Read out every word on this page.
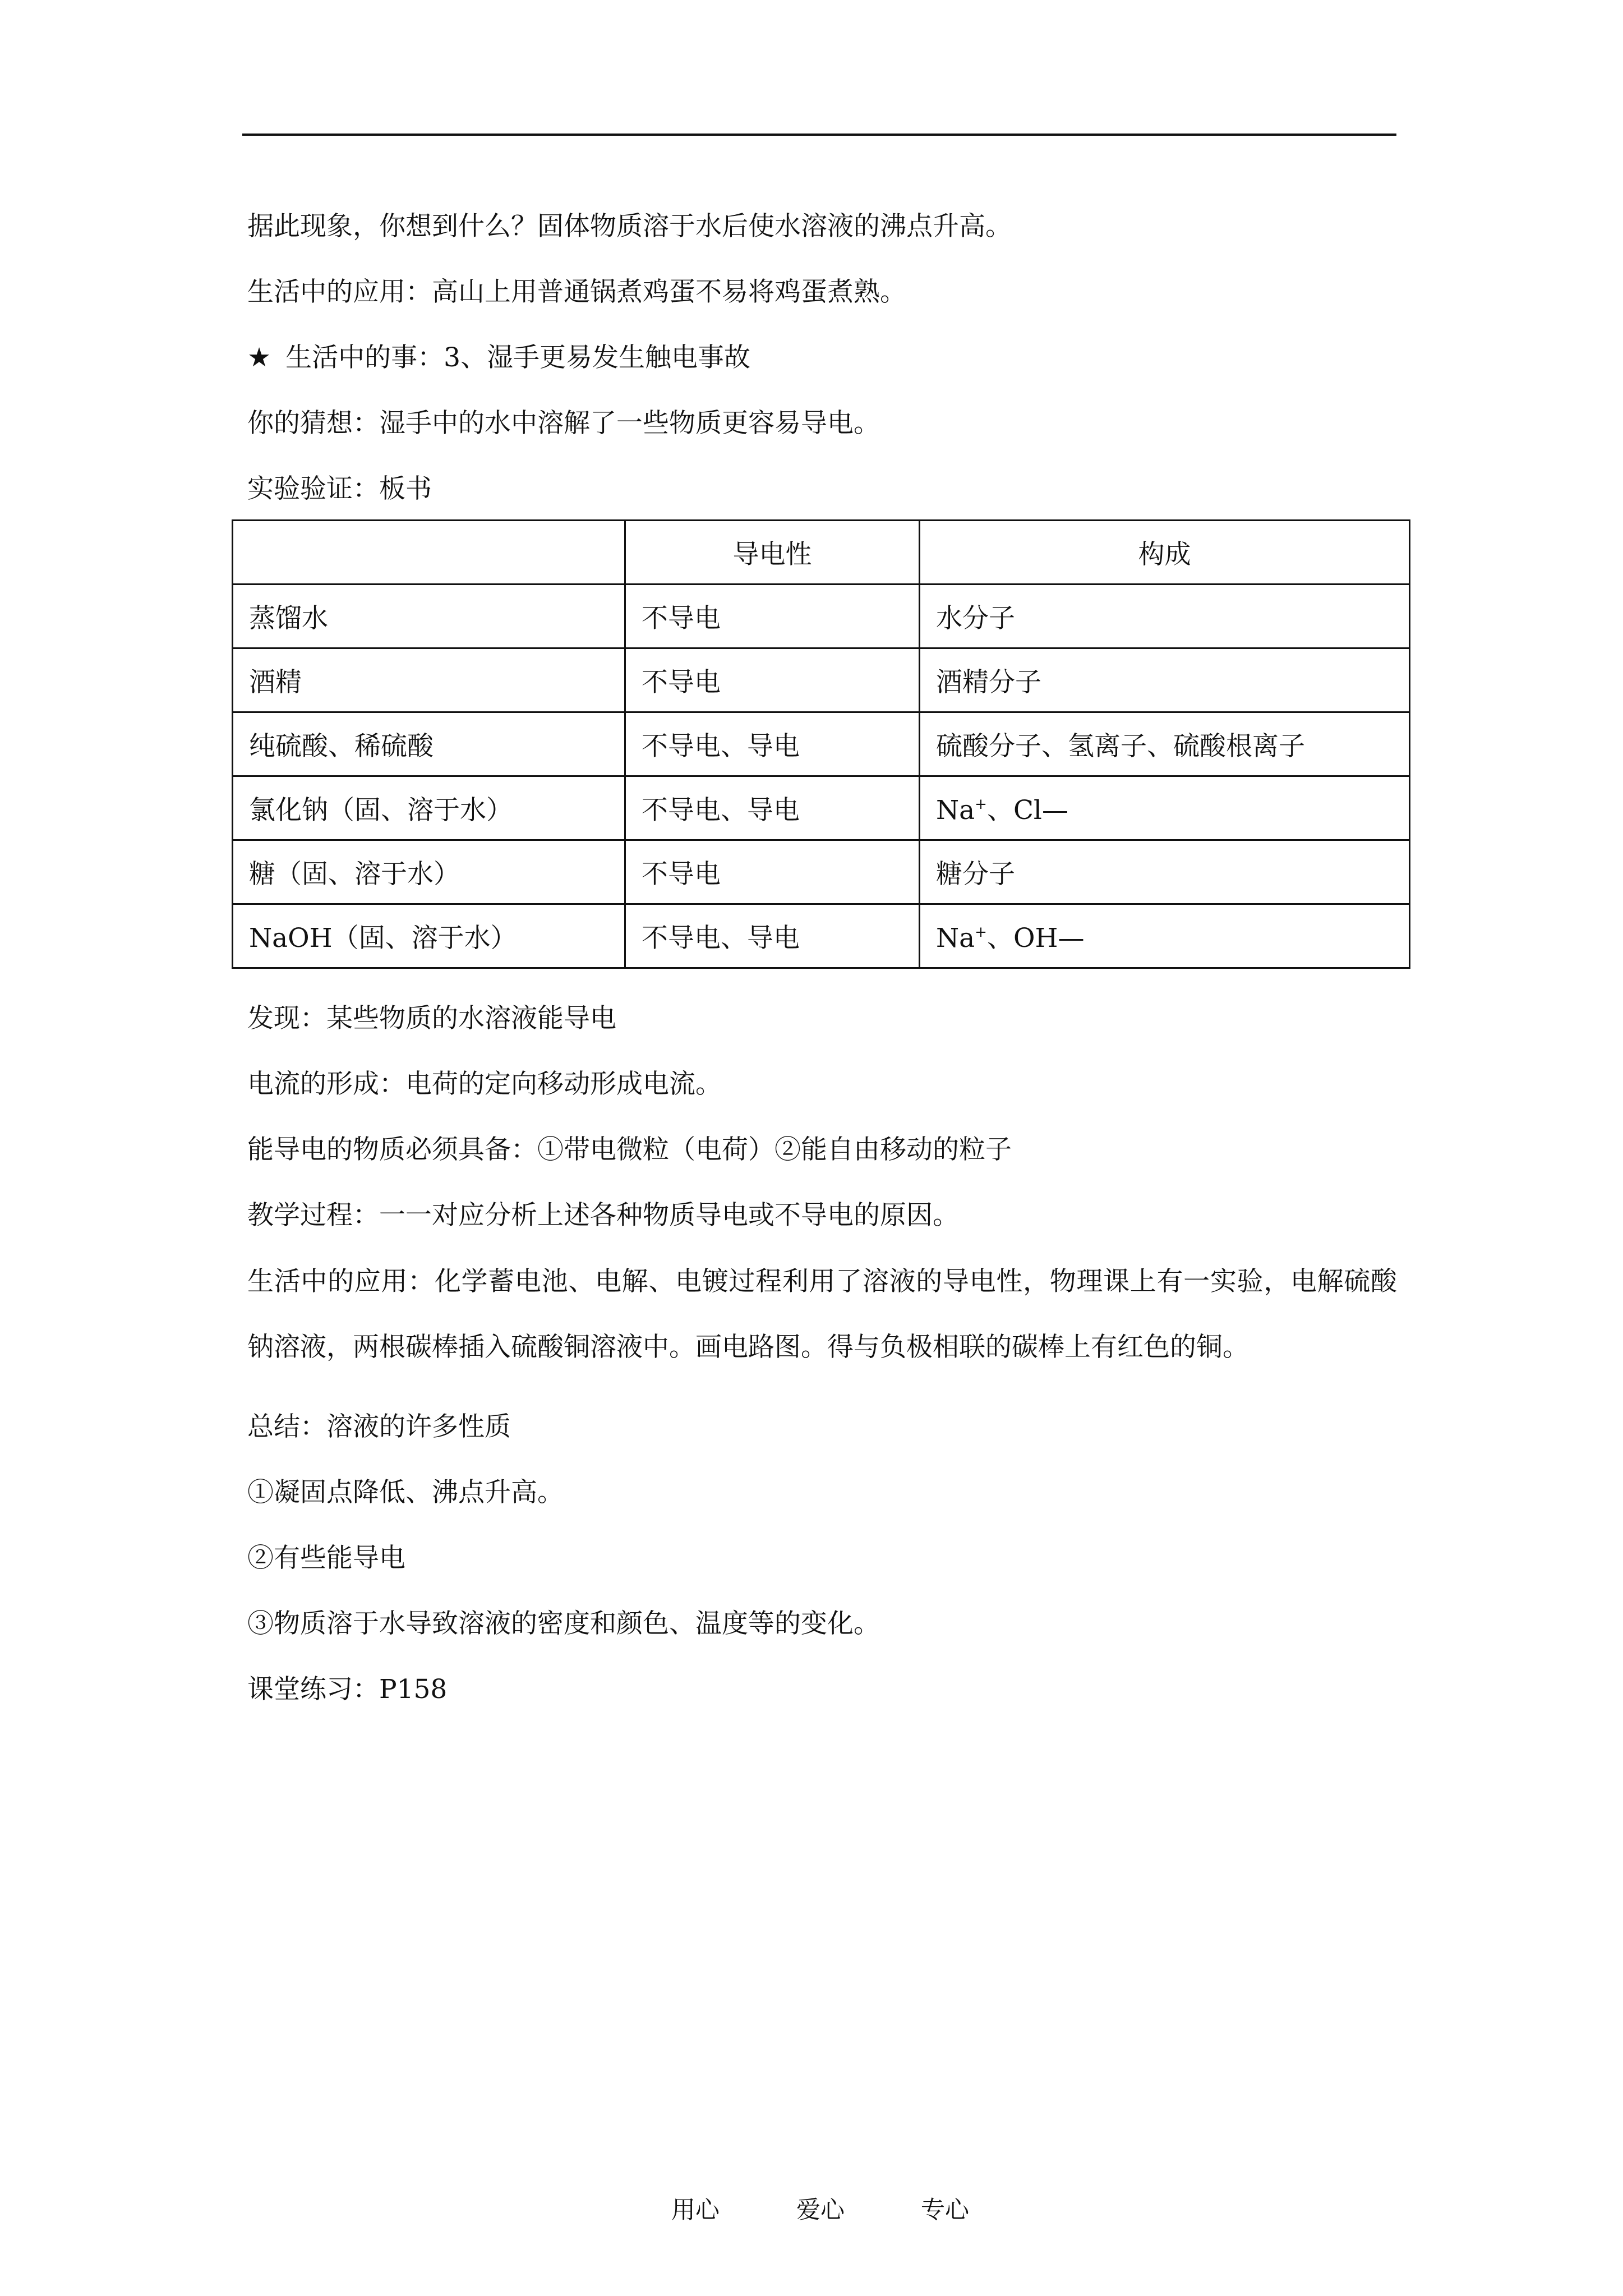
据此现象，你想到什么？固体物质溶于水后使水溶液的沸点升高。

生活中的应用：高山上用普通锅煮鸡蛋不易将鸡蛋煮熟。

★ 生活中的事：3、湿手更易发生触电事故

你的猜想：湿手中的水中溶解了一些物质更容易导电。

实验验证：板书

	导电性	构成
蒸馏水	不导电	水分子
酒精	不导电	酒精分子
纯硫酸、稀硫酸	不导电、导电	硫酸分子、氢离子、硫酸根离子
氯化钠（固、溶于水）	不导电、导电	Na+、Cl—
糖（固、溶于水）	不导电	糖分子
NaOH（固、溶于水）	不导电、导电	Na+、OH—

发现：某些物质的水溶液能导电

电流的形成：电荷的定向移动形成电流。

能导电的物质必须具备：①带电微粒（电荷）②能自由移动的粒子

教学过程：一一对应分析上述各种物质导电或不导电的原因。

生活中的应用：化学蓄电池、电解、电镀过程利用了溶液的导电性，物理课上有一实验，电解硫酸钠溶液，两根碳棒插入硫酸铜溶液中。画电路图。得与负极相联的碳棒上有红色的铜。

总结：溶液的许多性质

①凝固点降低、沸点升高。

②有些能导电

③物质溶于水导致溶液的密度和颜色、温度等的变化。

课堂练习：P158

用心	爱心	专心
